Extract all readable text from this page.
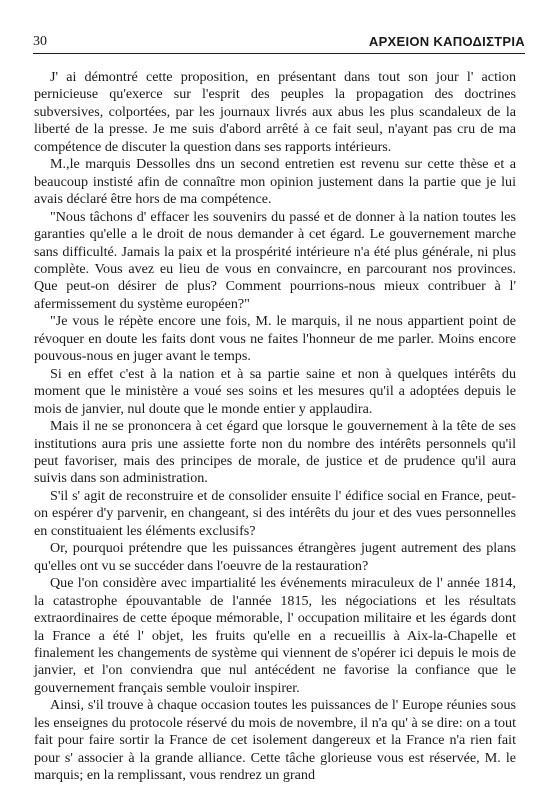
30	ΑΡΧΕΙΟΝ ΚΑΠΟΔΙΣΤΡΙΑ

J' ai démontré cette proposition, en présentant dans tout son jour l' action pernicieuse qu'exerce sur l'esprit des peuples la propagation des doctrines subversives, colportées, par les journaux livrés aux abus les plus scandaleux de la liberté de la presse. Je me suis d'abord arrêté à ce fait seul, n'ayant pas cru de ma compétence de discuter la question dans ses rapports intérieurs.

M.,le marquis Dessolles dns un second entretien est revenu sur cette thèse et a beaucoup instisté afin de connaître mon opinion justement dans la partie que je lui avais déclaré être hors de ma compétence.

"Nous tâchons d' effacer les souvenirs du passé et de donner à la nation toutes les garanties qu'elle a le droit de nous demander à cet égard. Le gouvernement marche sans difficulté. Jamais la paix et la prospérité intérieure n'a été plus générale, ni plus complète. Vous avez eu lieu de vous en convaincre, en parcourant nos provinces. Que peut-on désirer de plus? Comment pourrions-nous mieux contribuer à l' afermissement du système européen?"

"Je vous le répète encore une fois, M. le marquis, il ne nous appartient point de révoquer en doute les faits dont vous ne faites l'honneur de me parler. Moins encore pouvous-nous en juger avant le temps.

Si en effet c'est à la nation et à sa partie saine et non à quelques intérêts du moment que le ministère a voué ses soins et les mesures qu'il a adoptées depuis le mois de janvier, nul doute que le monde entier y applaudira.

Mais il ne se prononcera à cet égard que lorsque le gouvernement à la tête de ses institutions aura pris une assiette forte non du nombre des intérêts personnels qu'il peut favoriser, mais des principes de morale, de justice et de prudence qu'il aura suivis dans son administration.

S'il s' agit de reconstruire et de consolider ensuite l' édifice social en France, peut-on espérer d'y parvenir, en changeant, si des intérêts du jour et des vues personnelles en constituaient les éléments exclusifs?

Or, pourquoi prétendre que les puissances étrangères jugent autrement des plans qu'elles ont vu se succéder dans l'oeuvre de la restauration?

Que l'on considère avec impartialité les événements miraculeux de l' année 1814, la catastrophe épouvantable de l'année 1815, les négociations et les résultats extraordinaires de cette époque mémorable, l' occupation militaire et les égards dont la France a été l' objet, les fruits qu'elle en a recueillis à Aix-la-Chapelle et finalement les changements de système qui viennent de s'opérer ici depuis le mois de janvier, et l'on conviendra que nul antécédent ne favorise la confiance que le gouvernement français semble vouloir inspirer.

Ainsi, s'il trouve à chaque occasion toutes les puissances de l' Europe réunies sous les enseignes du protocole réservé du mois de novembre, il n'a qu' à se dire: on a tout fait pour faire sortir la France de cet isolement dangereux et la France n'a rien fait pour s' associer à la grande alliance. Cette tâche glorieuse vous est réservée, M. le marquis; en la remplissant, vous rendrez un grand
